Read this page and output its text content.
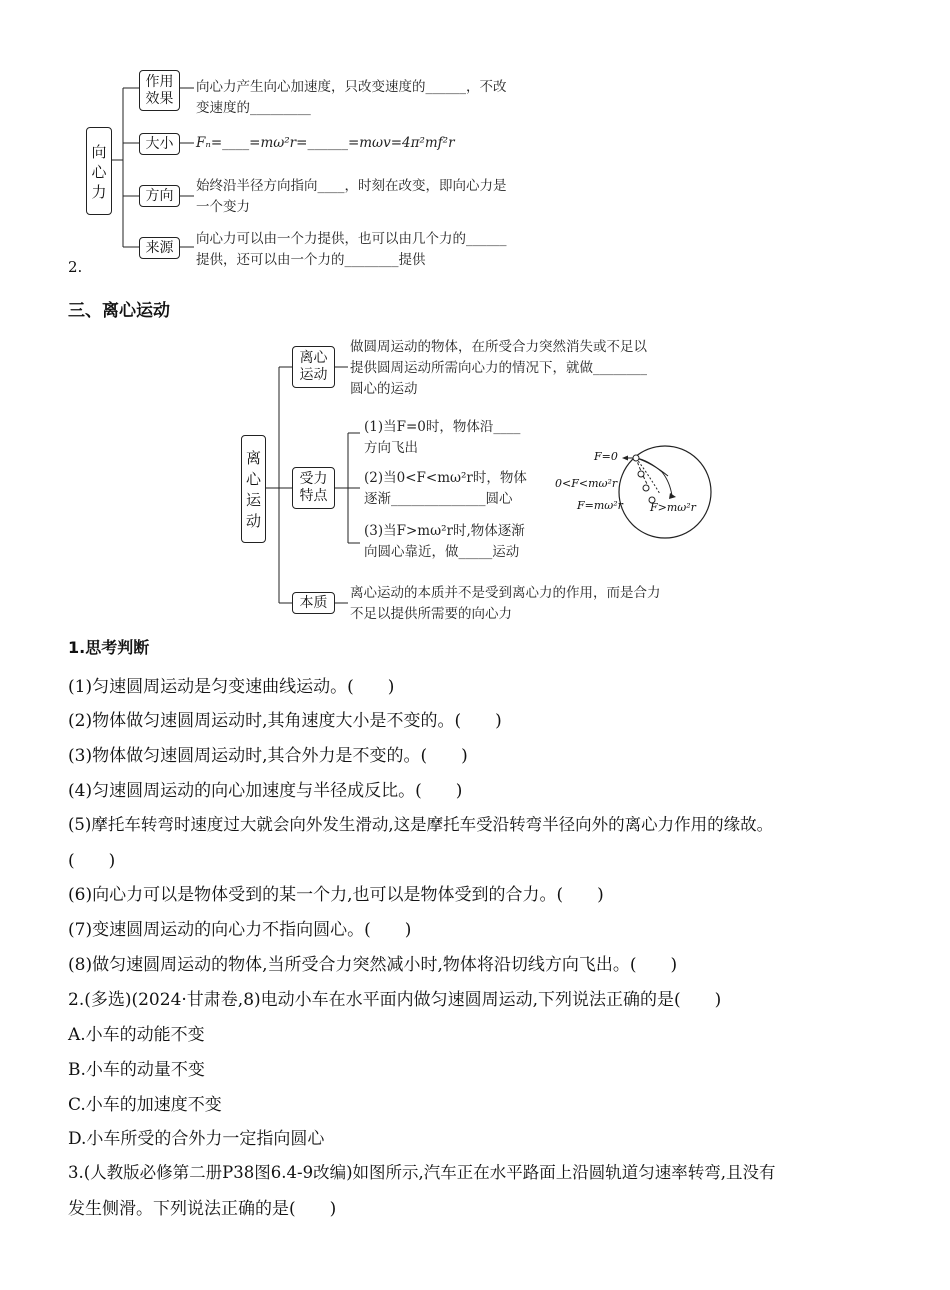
2.
向
心
力
作用
效果
向心力产生向心加速度，只改变速度的______，不改
变速度的_________
大小	Fₙ=____=mω²r=______=mωv=4π²mf²r
方向
始终沿半径方向指向____，时刻在改变，即向心力是
一个变力
来源
向心力可以由一个力提供，也可以由几个力的______
提供，还可以由一个力的________提供
三、离心运动
离
心
运
动
离心
运动
做圆周运动的物体，在所受合力突然消失或不足以
提供圆周运动所需向心力的情况下，就做________
圆心的运动
受力
特点
(1)当F=0时，物体沿____
方向飞出
(2)当0<F<mω²r时，物体
逐渐______________圆心
(3)当F>mω²r时,物体逐渐
向圆心靠近，做_____运动
F=0
0<F<mω²r
F=mω²r F>mω²r
本质
离心运动的本质并不是受到离心力的作用，而是合力
不足以提供所需要的向心力
1.思考判断
(1)匀速圆周运动是匀变速曲线运动。(　　)
(2)物体做匀速圆周运动时,其角速度大小是不变的。(　　)
(3)物体做匀速圆周运动时,其合外力是不变的。(　　)
(4)匀速圆周运动的向心加速度与半径成反比。(　　)
(5)摩托车转弯时速度过大就会向外发生滑动,这是摩托车受沿转弯半径向外的离心力作用的缘故。
(　　)
(6)向心力可以是物体受到的某一个力,也可以是物体受到的合力。(　　)
(7)变速圆周运动的向心力不指向圆心。(　　)
(8)做匀速圆周运动的物体,当所受合力突然减小时,物体将沿切线方向飞出。(　　)
2.(多选)(2024·甘肃卷,8)电动小车在水平面内做匀速圆周运动,下列说法正确的是(　　)
A.小车的动能不变
B.小车的动量不变
C.小车的加速度不变
D.小车所受的合外力一定指向圆心
3.(人教版必修第二册P38图6.4-9改编)如图所示,汽车正在水平路面上沿圆轨道匀速率转弯,且没有
发生侧滑。下列说法正确的是(　　)
